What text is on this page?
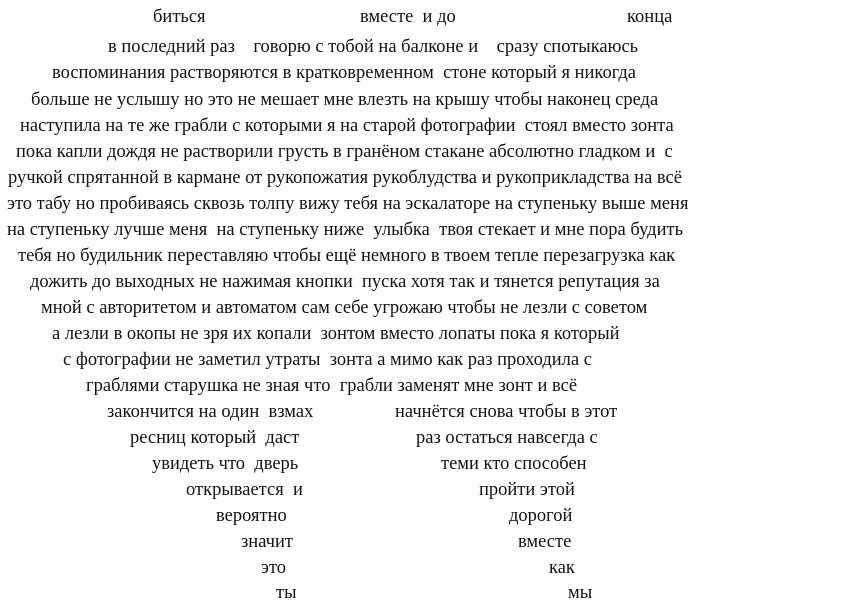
биться	вместе  и до	конца
в последний раз    говорю с тобой на балконе и    сразу спотыкаюсь
воспоминания растворяются в кратковременном  стоне который я никогда
больше не услышу но это не мешает мне влезть на крышу чтобы наконец среда
наступила на те же грабли с которыми я на старой фотографии  стоял вместо зонта
пока капли дождя не растворили грусть в гранёном стакане абсолютно гладком и  с
ручкой спрятанной в кармане от рукопожатия рукоблудства и рукоприкладства на всё
это табу но пробиваясь сквозь толпу вижу тебя на эскалаторе на ступеньку выше меня
на ступеньку лучше меня  на ступеньку ниже  улыбка  твоя стекает и мне пора будить
тебя но будильник переставляю чтобы ещё немного в твоем тепле перезагрузка как
дожить до выходных не нажимая кнопки  пуска хотя так и тянется репутация за
мной с авторитетом и автоматом сам себе угрожаю чтобы не лезли с советом
а лезли в окопы не зря их копали  зонтом вместо лопаты пока я который
с фотографии не заметил утраты  зонта а мимо как раз проходила с
граблями старушка не зная что  грабли заменят мне зонт и всё
закончится на один  взмах	начнётся снова чтобы в этот
ресниц который  даст	раз остаться навсегда с
увидеть что  дверь	теми кто способен
открывается  и	пройти этой
вероятно	дорогой
значит	вместе
это	как
ты	мы
